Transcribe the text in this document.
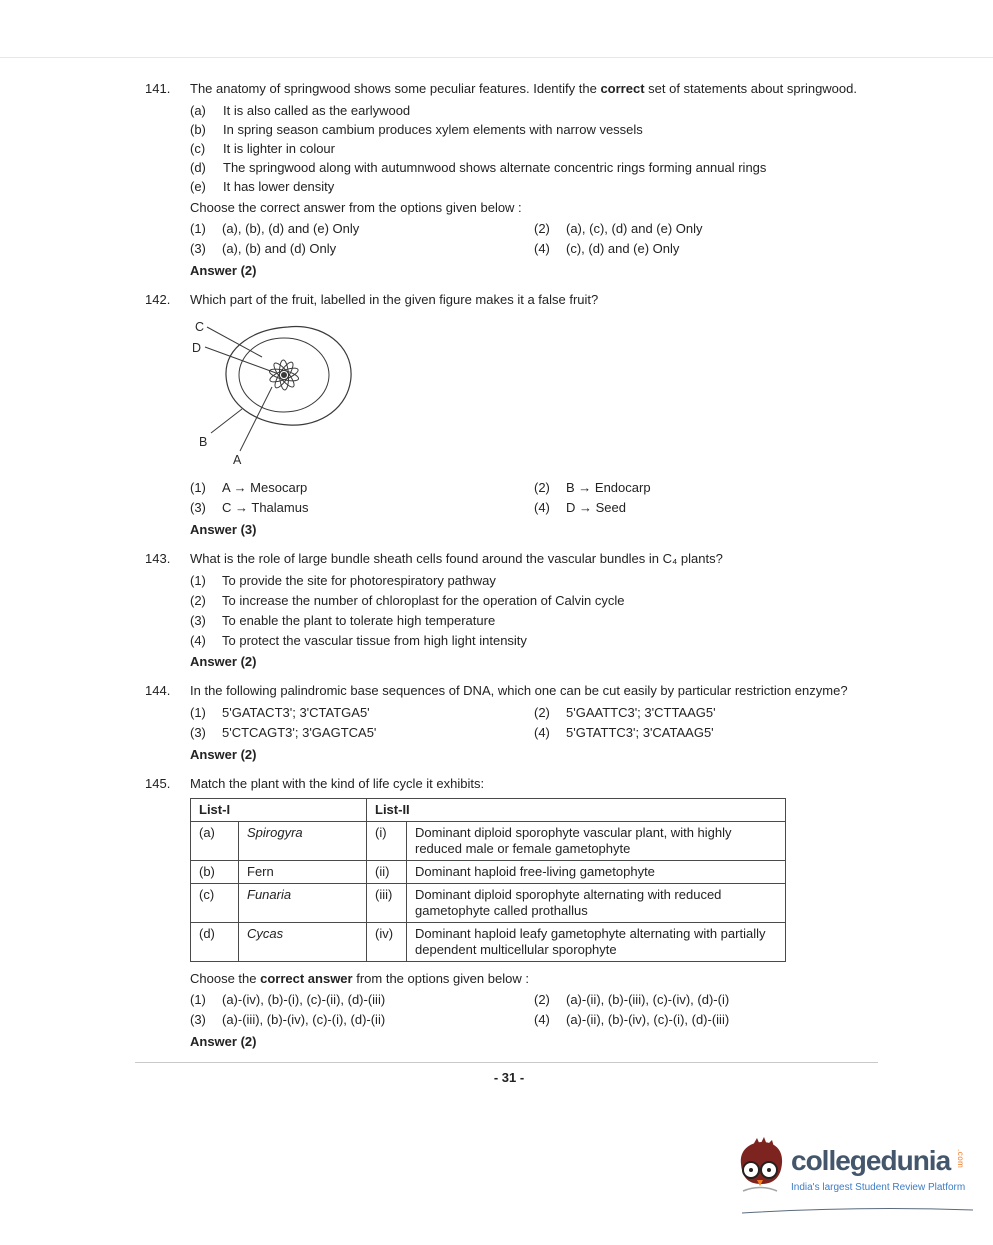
141.	The anatomy of springwood shows some peculiar features. Identify the correct set of statements about springwood.

(a)	It is also called as the earlywood
(b)	In spring season cambium produces xylem elements with narrow vessels
(c)	It is lighter in colour
(d)	The springwood along with autumnwood shows alternate concentric rings forming annual rings
(e)	It has lower density

Choose the correct answer from the options given below :

(1)	(a), (b), (d) and (e) Only	(2)	(a), (c), (d) and (e) Only
(3)	(a), (b) and (d) Only	(4)	(c), (d) and (e) Only

Answer (2)

142.	Which part of the fruit, labelled in the given figure makes it a false fruit?

C
D
B
A
(1)	A → Mesocarp	(2)	B → Endocarp
(3)	C → Thalamus	(4)	D → Seed

Answer (3)

143.	What is the role of large bundle sheath cells found around the vascular bundles in C₄ plants?

(1)	To provide the site for photorespiratory pathway
(2)	To increase the number of chloroplast for the operation of Calvin cycle
(3)	To enable the plant to tolerate high temperature
(4)	To protect the vascular tissue from high light intensity

Answer (2)

144.	In the following palindromic base sequences of DNA, which one can be cut easily by particular restriction enzyme?

(1)	5'GATACT3'; 3'CTATGA5'	(2)	5'GAATTC3'; 3'CTTAAG5'
(3)	5'CTCAGT3'; 3'GAGTCA5'	(4)	5'GTATTC3'; 3'CATAAG5'

Answer (2)

145.	Match the plant with the kind of life cycle it exhibits:

List-I		List-II	
(a)	Spirogyra	(i)	Dominant diploid sporophyte vascular plant, with highly reduced male or female gametophyte
(b)	Fern	(ii)	Dominant haploid free-living gametophyte
(c)	Funaria	(iii)	Dominant diploid sporophyte alternating with reduced gametophyte called prothallus
(d)	Cycas	(iv)	Dominant haploid leafy gametophyte alternating with partially dependent multicellular sporophyte

Choose the correct answer from the options given below :

(1)	(a)-(iv), (b)-(i), (c)-(ii), (d)-(iii)	(2)	(a)-(ii), (b)-(iii), (c)-(iv), (d)-(i)
(3)	(a)-(iii), (b)-(iv), (c)-(i), (d)-(ii)	(4)	(a)-(ii), (b)-(iv), (c)-(i), (d)-(iii)

Answer (2)

- 31 -
collegedunia .com
India's largest Student Review Platform
